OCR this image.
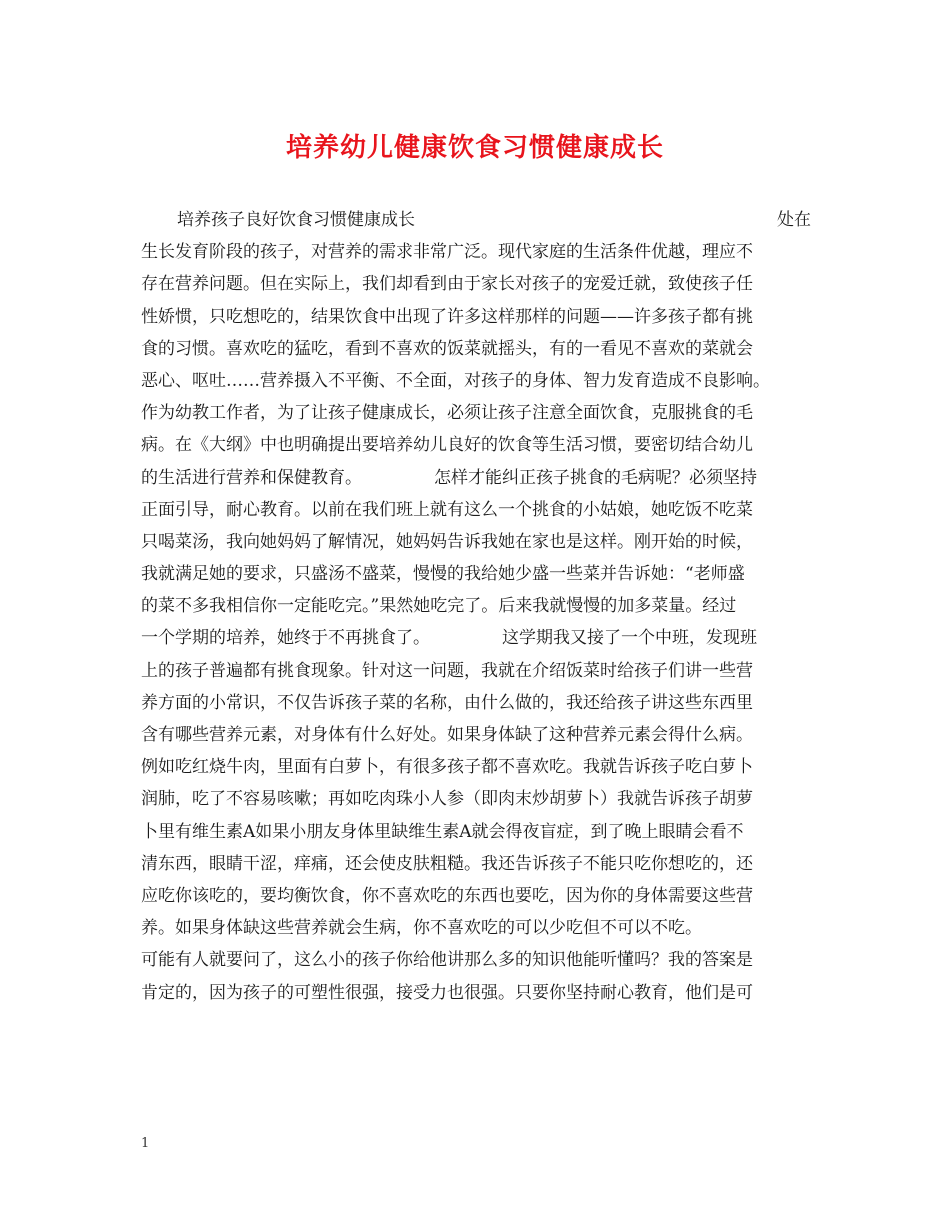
培养幼儿健康饮食习惯健康成长
培养孩子良好饮食习惯健康成长	处在
生长发育阶段的孩子，对营养的需求非常广泛。现代家庭的生活条件优越，理应不
存在营养问题。但在实际上，我们却看到由于家长对孩子的宠爱迁就，致使孩子任
性娇惯，只吃想吃的，结果饮食中出现了许多这样那样的问题——许多孩子都有挑
食的习惯。喜欢吃的猛吃，看到不喜欢的饭菜就摇头，有的一看见不喜欢的菜就会
恶心、呕吐……营养摄入不平衡、不全面，对孩子的身体、智力发育造成不良影响。
作为幼教工作者，为了让孩子健康成长，必须让孩子注意全面饮食，克服挑食的毛
病。在《大纲》中也明确提出要培养幼儿良好的饮食等生活习惯，要密切结合幼儿
的生活进行营养和保健教育。	怎样才能纠正孩子挑食的毛病呢？必须坚持
正面引导，耐心教育。以前在我们班上就有这么一个挑食的小姑娘，她吃饭不吃菜
只喝菜汤，我向她妈妈了解情况，她妈妈告诉我她在家也是这样。刚开始的时候，
我就满足她的要求，只盛汤不盛菜，慢慢的我给她少盛一些菜并告诉她：“老师盛
的菜不多我相信你一定能吃完。”果然她吃完了。后来我就慢慢的加多菜量。经过
一个学期的培养，她终于不再挑食了。	这学期我又接了一个中班，发现班
上的孩子普遍都有挑食现象。针对这一问题，我就在介绍饭菜时给孩子们讲一些营
养方面的小常识，不仅告诉孩子菜的名称，由什么做的，我还给孩子讲这些东西里
含有哪些营养元素，对身体有什么好处。如果身体缺了这种营养元素会得什么病。
例如吃红烧牛肉，里面有白萝卜，有很多孩子都不喜欢吃。我就告诉孩子吃白萝卜
润肺，吃了不容易咳嗽；再如吃肉珠小人参（即肉末炒胡萝卜）我就告诉孩子胡萝
卜里有维生素A如果小朋友身体里缺维生素A就会得夜盲症，到了晚上眼睛会看不
清东西，眼睛干涩，痒痛，还会使皮肤粗糙。我还告诉孩子不能只吃你想吃的，还
应吃你该吃的，要均衡饮食，你不喜欢吃的东西也要吃，因为你的身体需要这些营
养。如果身体缺这些营养就会生病，你不喜欢吃的可以少吃但不可以不吃。
可能有人就要问了，这么小的孩子你给他讲那么多的知识他能听懂吗？我的答案是
肯定的，因为孩子的可塑性很强，接受力也很强。只要你坚持耐心教育，他们是可
1
